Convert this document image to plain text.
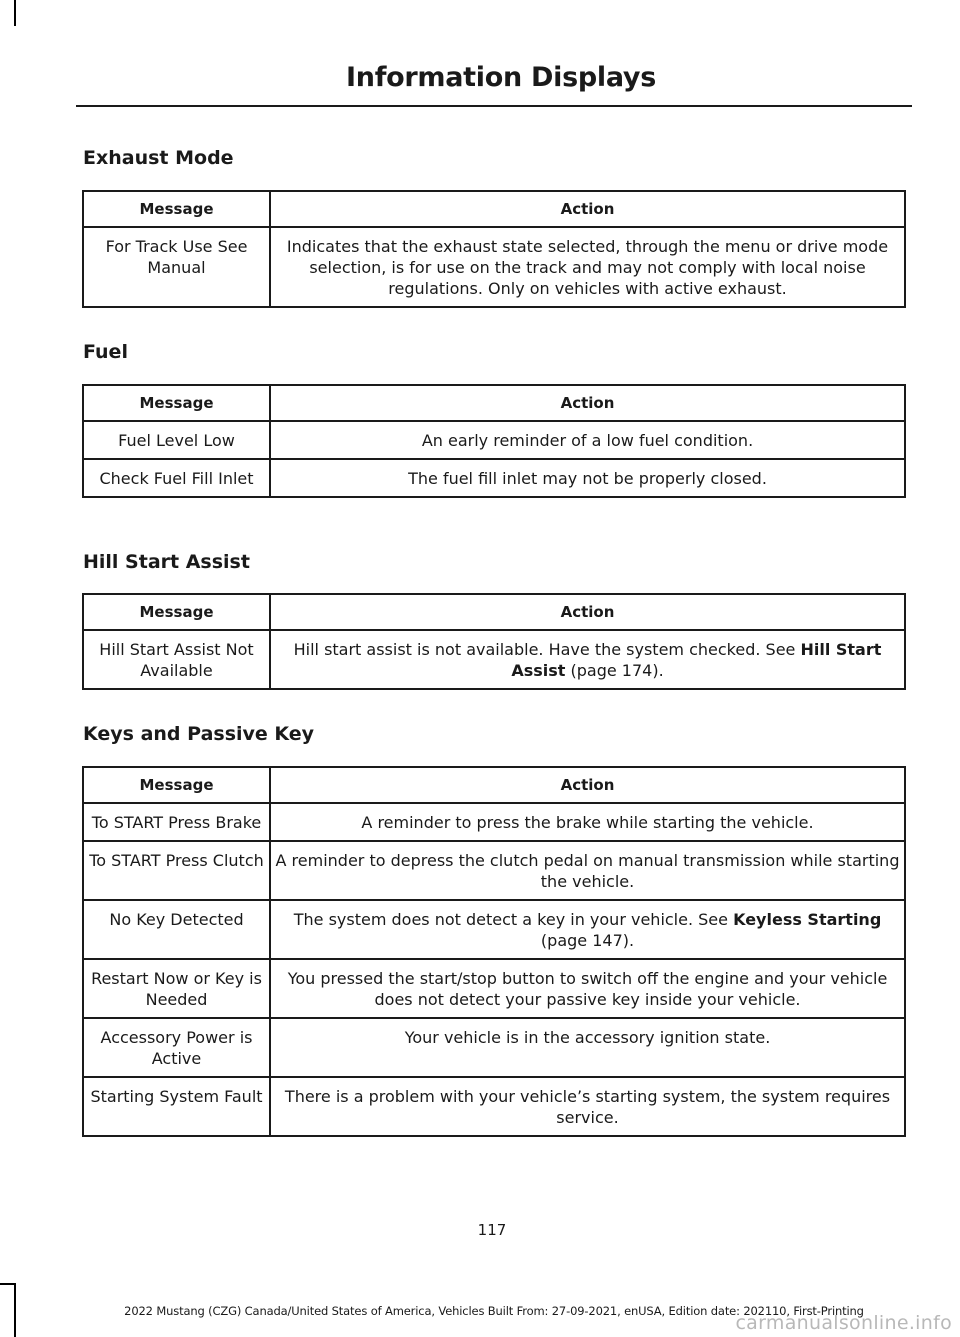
Information Displays
Exhaust Mode
Message	Action
For Track Use See Manual	Indicates that the exhaust state selected, through the menu or drive mode selection, is for use on the track and may not comply with local noise regulations. Only on vehicles with active exhaust.
Fuel
Message	Action
Fuel Level Low	An early reminder of a low fuel condition.
Check Fuel Fill Inlet	The fuel fill inlet may not be properly closed.
Hill Start Assist
Message	Action
Hill Start Assist Not Available	Hill start assist is not available. Have the system checked. See Hill Start Assist (page 174).
Keys and Passive Key
Message	Action
To START Press Brake	A reminder to press the brake while starting the vehicle.
To START Press Clutch	A reminder to depress the clutch pedal on manual transmission while starting the vehicle.
No Key Detected	The system does not detect a key in your vehicle. See Keyless Starting (page 147).
Restart Now or Key is Needed	You pressed the start/stop button to switch off the engine and your vehicle does not detect your passive key inside your vehicle.
Accessory Power is Active	Your vehicle is in the accessory ignition state.
Starting System Fault	There is a problem with your vehicle’s starting system, the system requires service.
117
2022 Mustang (CZG) Canada/United States of America, Vehicles Built From: 27-09-2021, enUSA, Edition date: 202110, First-Printing
carmanualsonline.info
